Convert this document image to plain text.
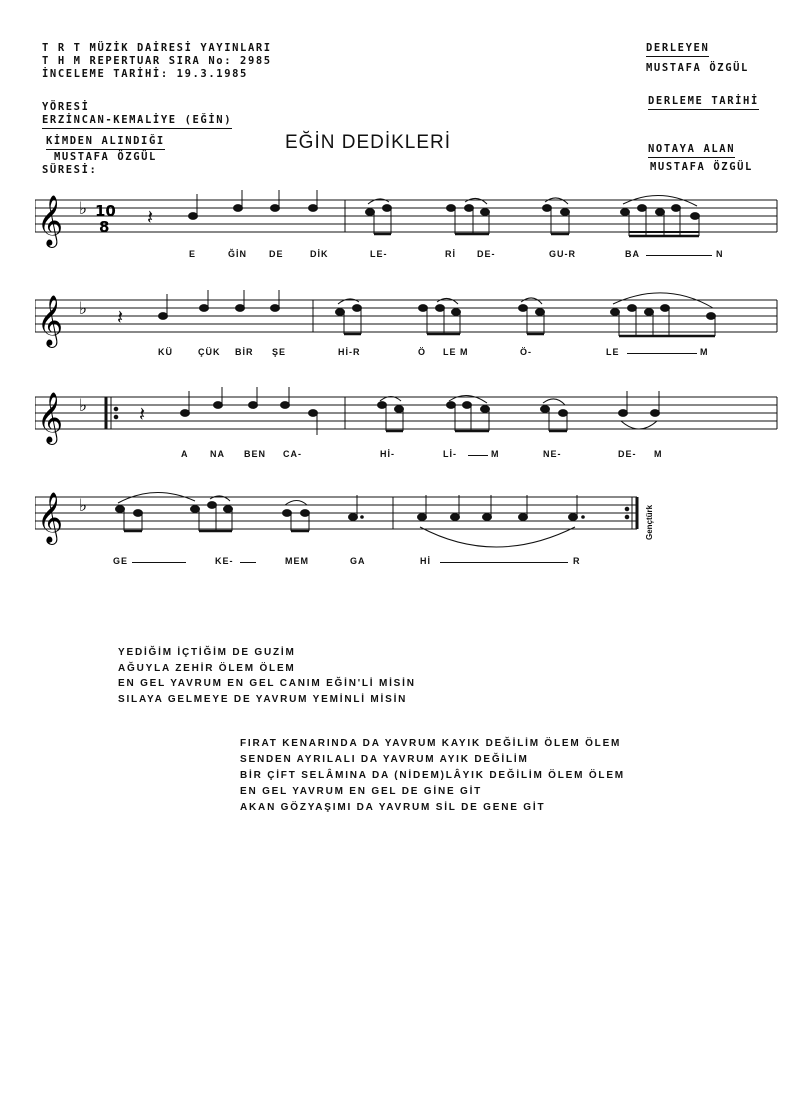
T R T MÜZİK DAİRESİ YAYINLARI
T H M REPERTUAR SIRA No: 2985
İNCELEME TARİHİ: 19.3.1985
YÖRESİ
ERZİNCAN-KEMALİYE (EĞİN)
KİMDEN ALINDIĞI
MUSTAFA ÖZGÜL
SÜRESİ:
DERLEYEN
MUSTAFA ÖZGÜL
DERLEME TARİHİ
NOTAYA ALAN
MUSTAFA ÖZGÜL
EĞİN DEDİKLERİ
𝄞 ♭ 10
8 𝄽
E	ĞİN DE	DİK	LE-	Rİ DE-	GU-R	BA	N
𝄞 ♭ 𝄽
KÜ	ÇÜK BİR ŞE	Hİ-R	Ö LE M	Ö-	LE	M
𝄞 ♭	𝄽
A NA BEN CA-	Hİ-	Lİ-	M	NE-	DE- M
𝄞 ♭	Gençtürk
GE	KE-	MEM	GA	Hİ	R
YEDİĞİM İÇTİĞİM DE GUZİM
AĞUYLA ZEHİR ÖLEM ÖLEM
EN GEL YAVRUM EN GEL CANIM EĞİN'Lİ MİSİN
SILAYA GELMEYE DE YAVRUM YEMİNLİ MİSİN
FIRAT KENARINDA DA YAVRUM KAYIK DEĞİLİM ÖLEM ÖLEM
SENDEN AYRILALI DA YAVRUM AYIK DEĞİLİM
BİR ÇİFT SELÂMINA DA (NİDEM)LÂYIK DEĞİLİM ÖLEM ÖLEM
EN GEL YAVRUM EN GEL DE GİNE GİT
AKAN GÖZYAŞIMI DA YAVRUM SİL DE GENE GİT
